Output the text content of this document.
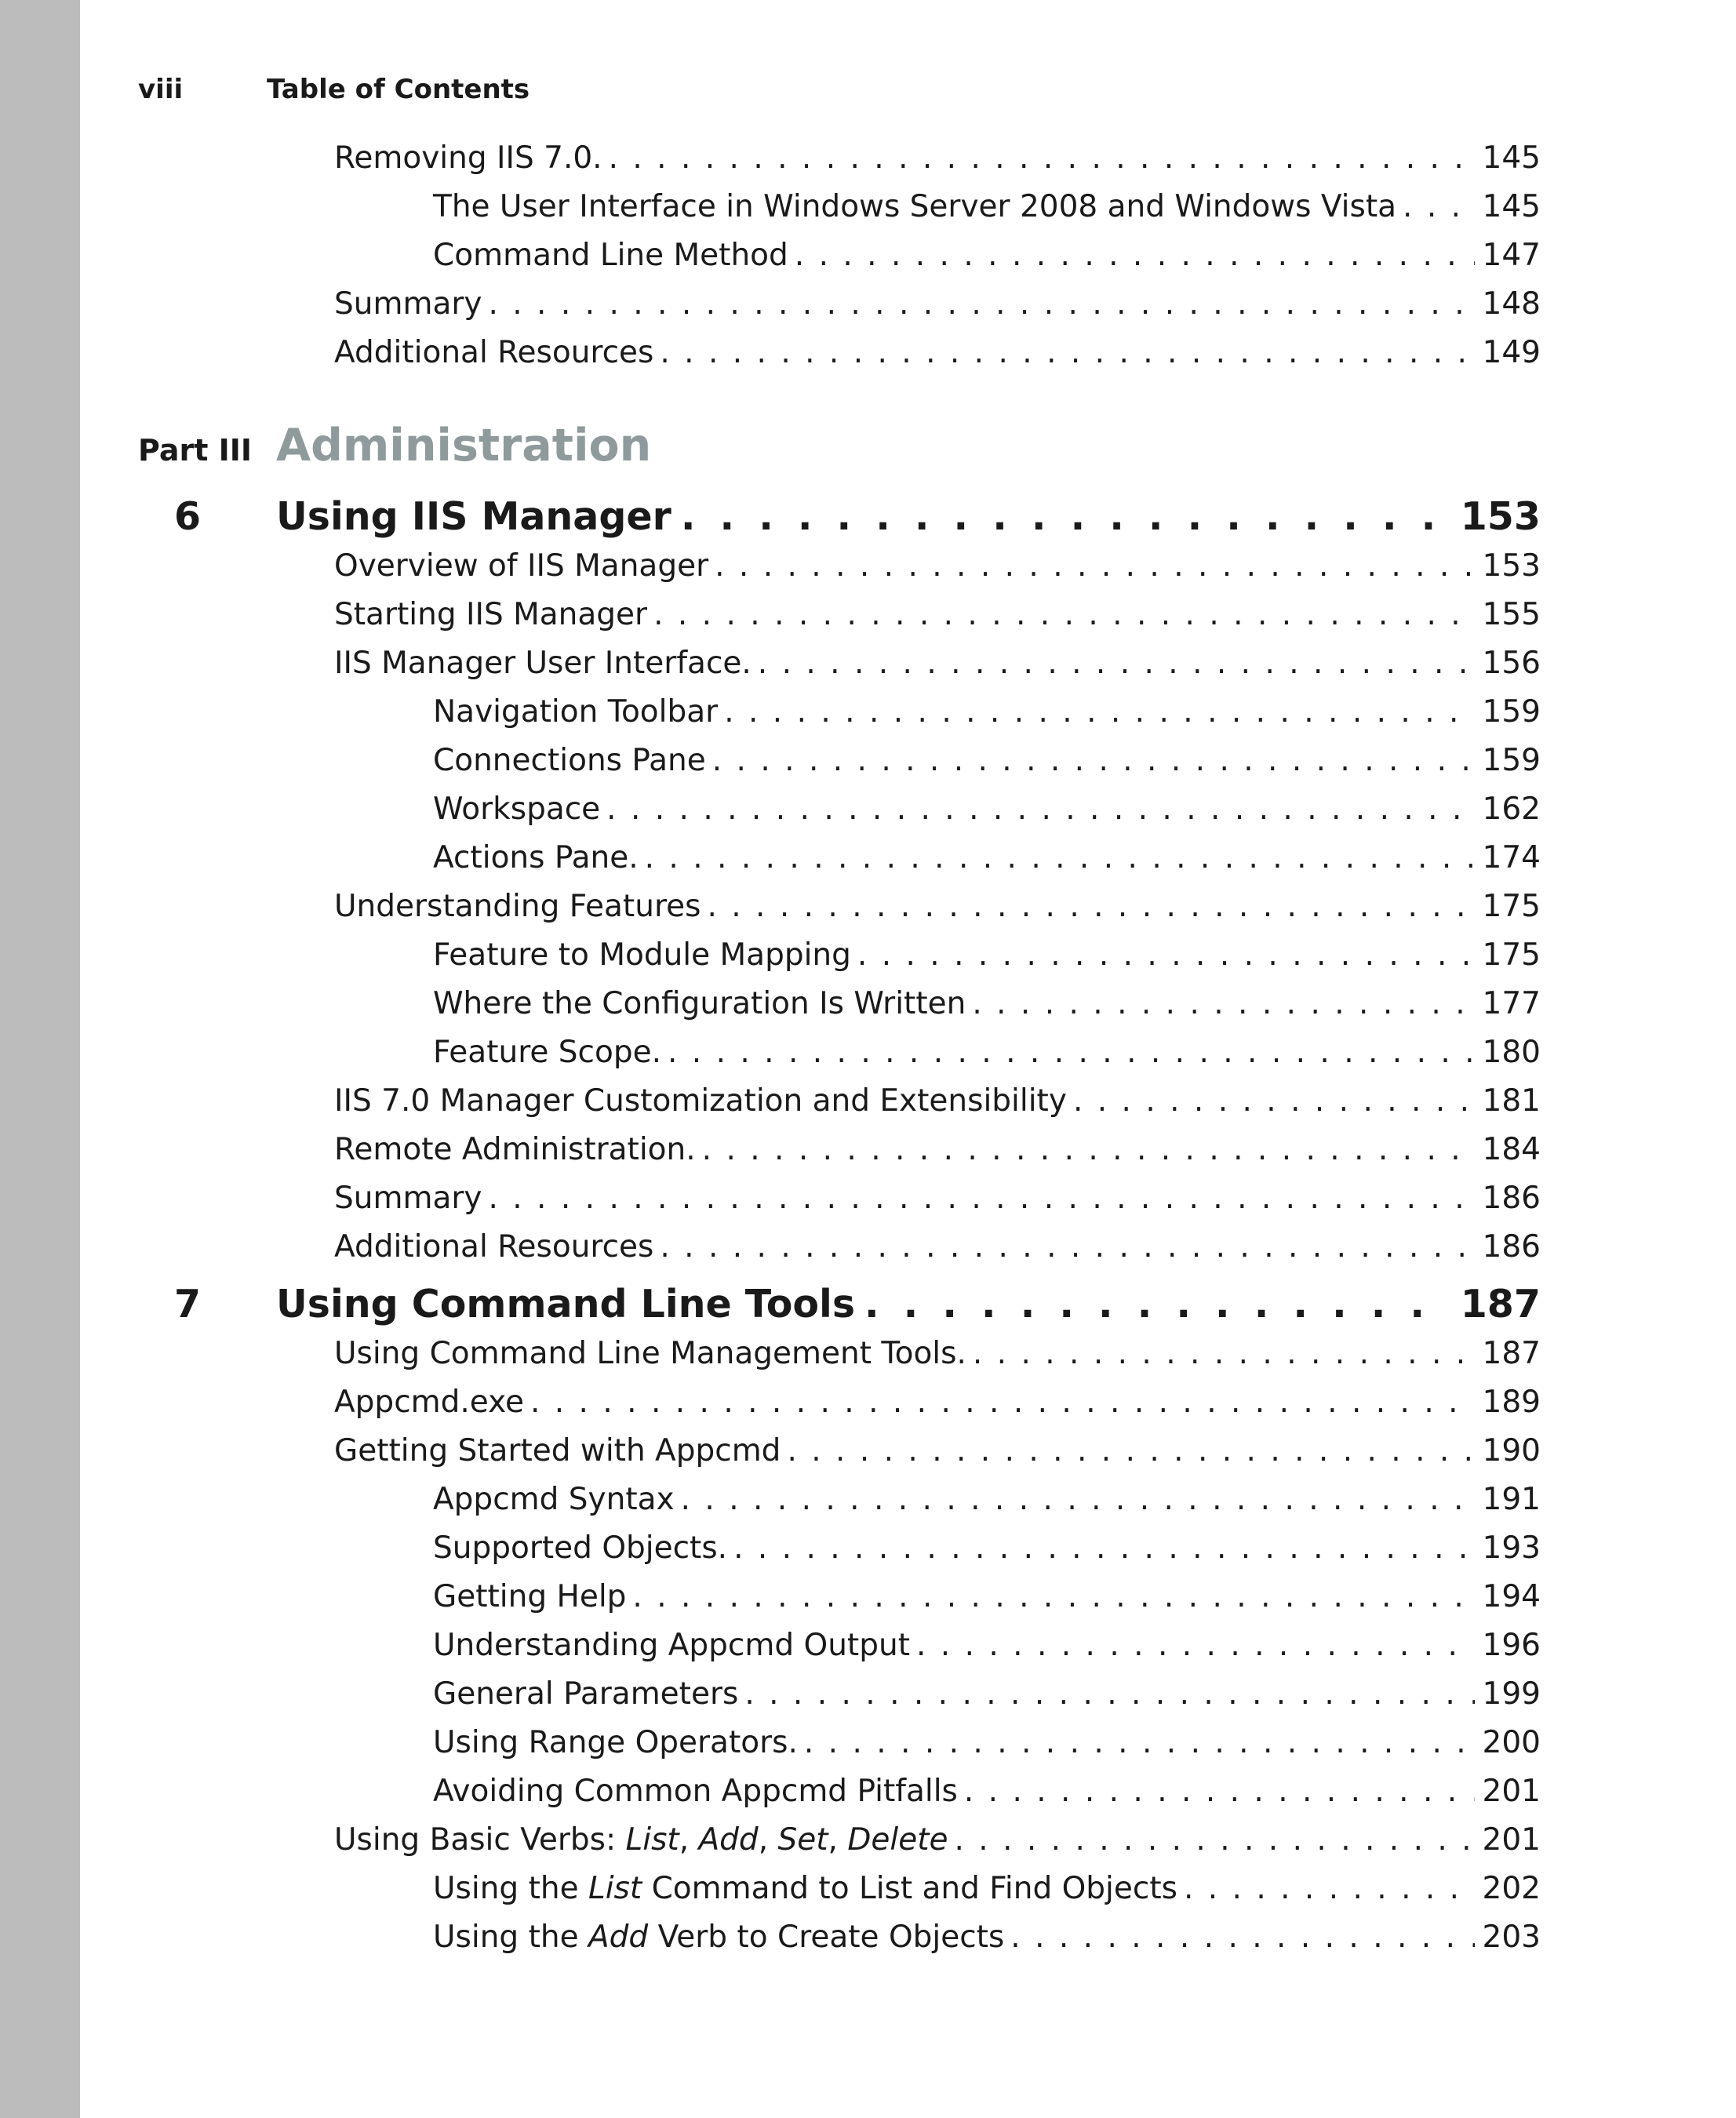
viii	Table of Contents
Removing IIS 7.0. . . .	145
The User Interface in Windows Server 2008 and Windows Vista . . .	145
Command Line Method . . .	147
Summary . . .	148
Additional Resources . . .	149
Part III Administration
6	Using IIS Manager . . .	153
Overview of IIS Manager . . .	153
Starting IIS Manager . . .	155
IIS Manager User Interface. . . .	156
Navigation Toolbar . . .	159
Connections Pane . . .	159
Workspace . . .	162
Actions Pane. . . .	174
Understanding Features . . .	175
Feature to Module Mapping . . .	175
Where the Configuration Is Written . . .	177
Feature Scope. . . .	180
IIS 7.0 Manager Customization and Extensibility . . .	181
Remote Administration. . . .	184
Summary . . .	186
Additional Resources . . .	186
7	Using Command Line Tools . . .	187
Using Command Line Management Tools. . . .	187
Appcmd.exe . . .	189
Getting Started with Appcmd . . .	190
Appcmd Syntax . . .	191
Supported Objects. . . .	193
Getting Help . . .	194
Understanding Appcmd Output . . .	196
General Parameters . . .	199
Using Range Operators. . . .	200
Avoiding Common Appcmd Pitfalls . . .	201
Using Basic Verbs: List, Add, Set, Delete . . .	201
Using the List Command to List and Find Objects . . .	202
Using the Add Verb to Create Objects . . .	203
